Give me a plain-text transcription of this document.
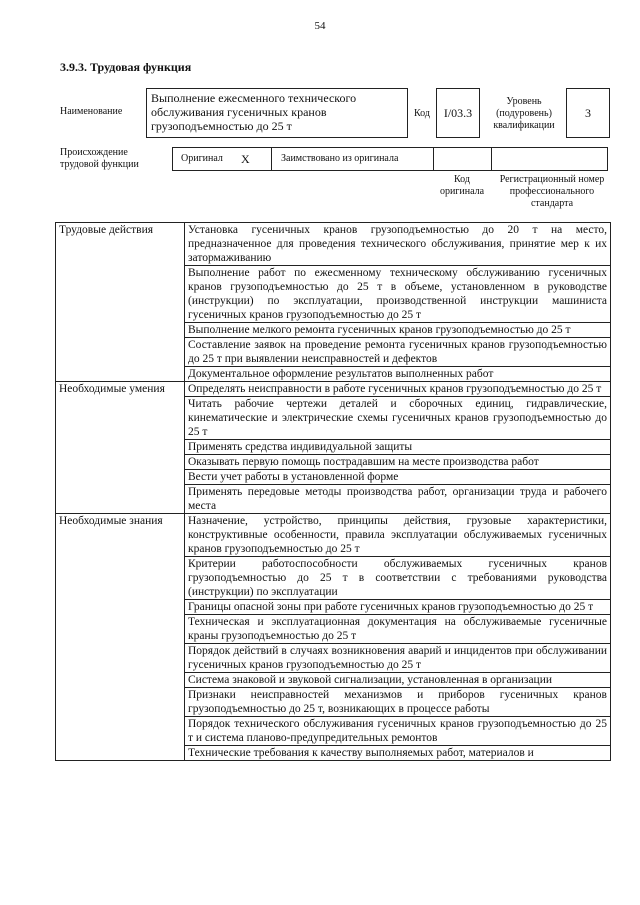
54
3.9.3. Трудовая функция
Наименование
Выполнение ежесменного технического обслуживания гусеничных кранов грузоподъемностью до 25 т
Код I/03.3
Уровень (подуровень) квалификации
3
Происхождение трудовой функции
Оригинал X	Заимствовано из оригинала
Код оригинала
Регистрационный номер профессионального стандарта
Трудовые действия	Установка гусеничных кранов грузоподъемностью до 20 т на место, предназначенное для проведения технического обслуживания, принятие мер к их затормаживанию
	Выполнение работ по ежесменному техническому обслуживанию гусеничных кранов грузоподъемностью до 25 т в объеме, установленном в руководстве (инструкции) по эксплуатации, производственной инструкции машиниста гусеничных кранов грузоподъемностью до 25 т
	Выполнение мелкого ремонта гусеничных кранов грузоподъемностью до 25 т
	Составление заявок на проведение ремонта гусеничных кранов грузоподъемностью до 25 т при выявлении неисправностей и дефектов
	Документальное оформление результатов выполненных работ
Необходимые умения	Определять неисправности в работе гусеничных кранов грузоподъемностью до 25 т
	Читать рабочие чертежи деталей и сборочных единиц, гидравлические, кинематические и электрические схемы гусеничных кранов грузоподъемностью до 25 т
	Применять средства индивидуальной защиты
	Оказывать первую помощь пострадавшим на месте производства работ
	Вести учет работы в установленной форме
	Применять передовые методы производства работ, организации труда и рабочего места
Необходимые знания	Назначение, устройство, принципы действия, грузовые характеристики, конструктивные особенности, правила эксплуатации обслуживаемых гусеничных кранов грузоподъемностью до 25 т
	Критерии работоспособности обслуживаемых гусеничных кранов грузоподъемностью до 25 т в соответствии с требованиями руководства (инструкции) по эксплуатации
	Границы опасной зоны при работе гусеничных кранов грузоподъемностью до 25 т
	Техническая и эксплуатационная документация на обслуживаемые гусеничные краны грузоподъемностью до 25 т
	Порядок действий в случаях возникновения аварий и инцидентов при обслуживании гусеничных кранов грузоподъемностью до 25 т
	Система знаковой и звуковой сигнализации, установленная в организации
	Признаки неисправностей механизмов и приборов гусеничных кранов грузоподъемностью до 25 т, возникающих в процессе работы
	Порядок технического обслуживания гусеничных кранов грузоподъемностью до 25 т и система планово-предупредительных ремонтов
	Технические требования к качеству выполняемых работ, материалов и
